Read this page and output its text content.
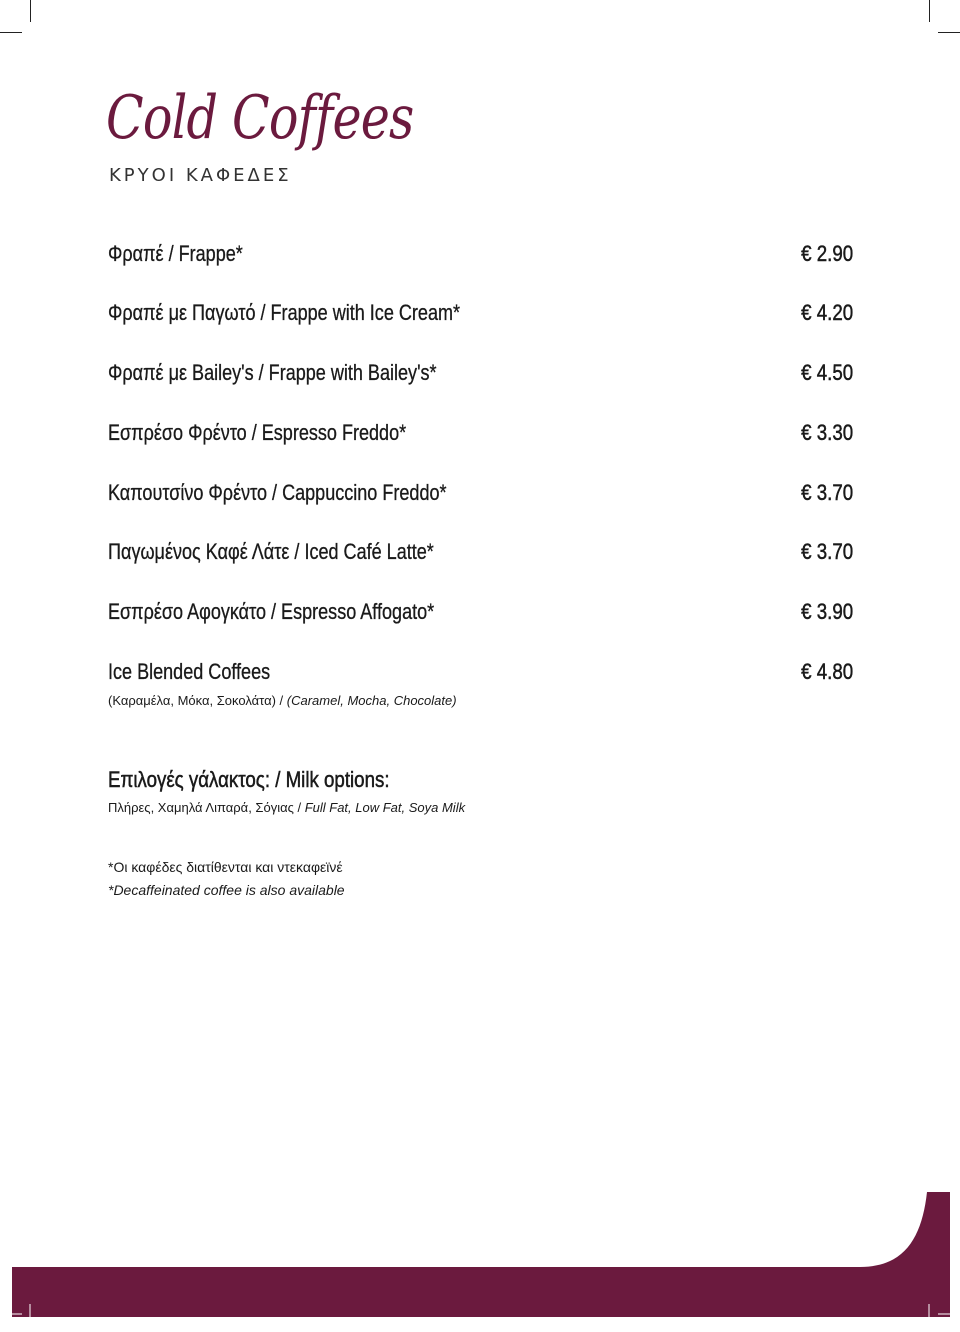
Cold Coffees
ΚΡΥΟΙ ΚΑΦΕΔΕΣ
Φραπέ / Frappe*	€ 2.90
Φραπέ με Παγωτό / Frappe with Ice Cream*	€ 4.20
Φραπέ με Bailey's / Frappe with Bailey's*	€ 4.50
Εσπρέσο Φρέντο / Espresso Freddo*	€ 3.30
Καπουτσίνο Φρέντο / Cappuccino Freddo*	€ 3.70
Παγωμένος Καφέ Λάτε / Iced Café Latte*	€ 3.70
Εσπρέσο Αφογκάτο / Espresso Affogato*	€ 3.90
Ice Blended Coffees	€ 4.80
(Καραμέλα, Μόκα, Σοκολάτα) / (Caramel, Mocha, Chocolate)
Επιλογές γάλακτος: / Milk options:
Πλήρες, Χαμηλά Λιπαρά, Σόγιας / Full Fat, Low Fat, Soya Milk
*Οι καφέδες διατίθενται και ντεκαφεϊνέ
*Decaffeinated coffee is also available
